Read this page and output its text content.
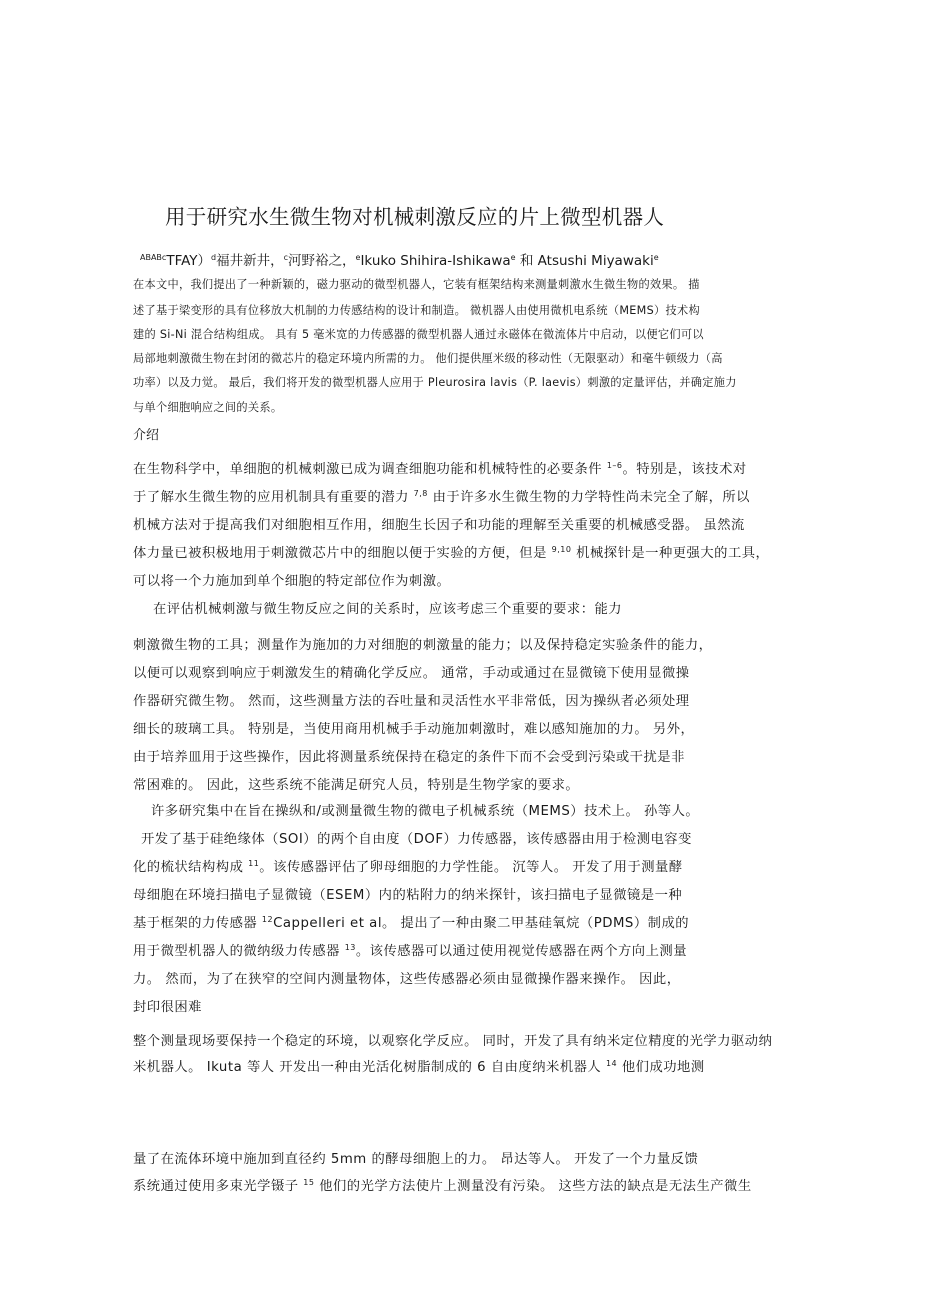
用于研究水生微生物对机械刺激反应的片上微型机器人
$^{ABABc}$TFAY）$^d$福井新井，$^c$河野裕之，$^e$Ikuko Shihira-Ishikawa$^e$ 和 Atsushi Miyawaki$^e$
在本文中，我们提出了一种新颖的，磁力驱动的微型机器人，它装有框架结构来测量刺激水生微生物的效果。 描
述了基于梁变形的具有位移放大机制的力传感结构的设计和制造。 微机器人由使用微机电系统（MEMS）技术构
建的 Si-Ni 混合结构组成。 具有 5 毫米宽的力传感器的微型机器人通过永磁体在微流体片中启动，以便它们可以
局部地刺激微生物在封闭的微芯片的稳定环境内所需的力。 他们提供厘米级的移动性（无限驱动）和毫牛顿级力（高
功率）以及力觉。 最后，我们将开发的微型机器人应用于 Pleurosira lavis（P. laevis）刺激的定量评估，并确定施力
与单个细胞响应之间的关系。
介绍
在生物科学中，单细胞的机械刺激已成为调查细胞功能和机械特性的必要条件 $^{1-6}$。特别是，该技术对
于了解水生微生物的应用机制具有重要的潜力 $^{7,8}$ 由于许多水生微生物的力学特性尚未完全了解，所以
机械方法对于提高我们对细胞相互作用，细胞生长因子和功能的理解至关重要的机械感受器。 虽然流
体力量已被积极地用于刺激微芯片中的细胞以便于实验的方便，但是 $^{9,10}$ 机械探针是一种更强大的工具，
可以将一个力施加到单个细胞的特定部位作为刺激。
在评估机械刺激与微生物反应之间的关系时，应该考虑三个重要的要求：能力
刺激微生物的工具；测量作为施加的力对细胞的刺激量的能力；以及保持稳定实验条件的能力，
以便可以观察到响应于刺激发生的精确化学反应。 通常，手动或通过在显微镜下使用显微操
作器研究微生物。 然而，这些测量方法的吞吐量和灵活性水平非常低，因为操纵者必须处理
细长的玻璃工具。 特别是，当使用商用机械手手动施加刺激时，难以感知施加的力。 另外，
由于培养皿用于这些操作，因此将测量系统保持在稳定的条件下而不会受到污染或干扰是非
常困难的。 因此，这些系统不能满足研究人员，特别是生物学家的要求。
许多研究集中在旨在操纵和/或测量微生物的微电子机械系统（MEMS）技术上。 孙等人。
开发了基于硅绝缘体（SOI）的两个自由度（DOF）力传感器，该传感器由用于检测电容变
化的梳状结构构成 $^{11}$。该传感器评估了卵母细胞的力学性能。 沉等人。 开发了用于测量酵
母细胞在环境扫描电子显微镜（ESEM）内的粘附力的纳米探针，该扫描电子显微镜是一种
基于框架的力传感器 $^{12}$Cappelleri et al。 提出了一种由聚二甲基硅氧烷（PDMS）制成的
用于微型机器人的微纳级力传感器 $^{13}$。该传感器可以通过使用视觉传感器在两个方向上测量
力。 然而，为了在狭窄的空间内测量物体，这些传感器必须由显微操作器来操作。 因此，
封印很困难
整个测量现场要保持一个稳定的环境，以观察化学反应。 同时，开发了具有纳米定位精度的光学力驱动纳
米机器人。 Ikuta 等人 开发出一种由光活化树脂制成的 6 自由度纳米机器人 $^{14}$ 他们成功地测
量了在流体环境中施加到直径约 5mm 的酵母细胞上的力。 昂达等人。 开发了一个力量反馈
系统通过使用多束光学镊子 $^{15}$ 他们的光学方法使片上测量没有污染。 这些方法的缺点是无法生产微生
